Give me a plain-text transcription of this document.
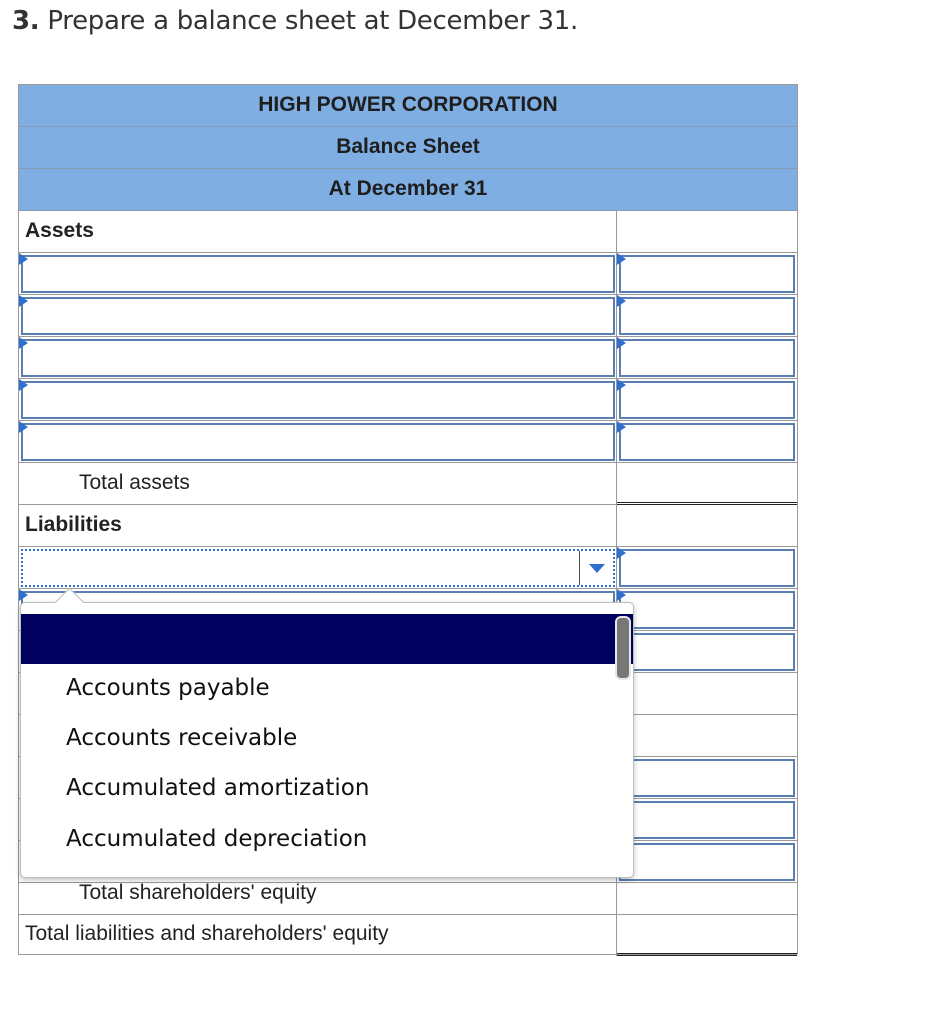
3. Prepare a balance sheet at December 31.
HIGH POWER CORPORATION
Balance Sheet
At December 31
Assets
Total assets
Liabilities
Total shareholders' equity
Total liabilities and shareholders' equity
Accounts payable
Accounts receivable
Accumulated amortization
Accumulated depreciation
